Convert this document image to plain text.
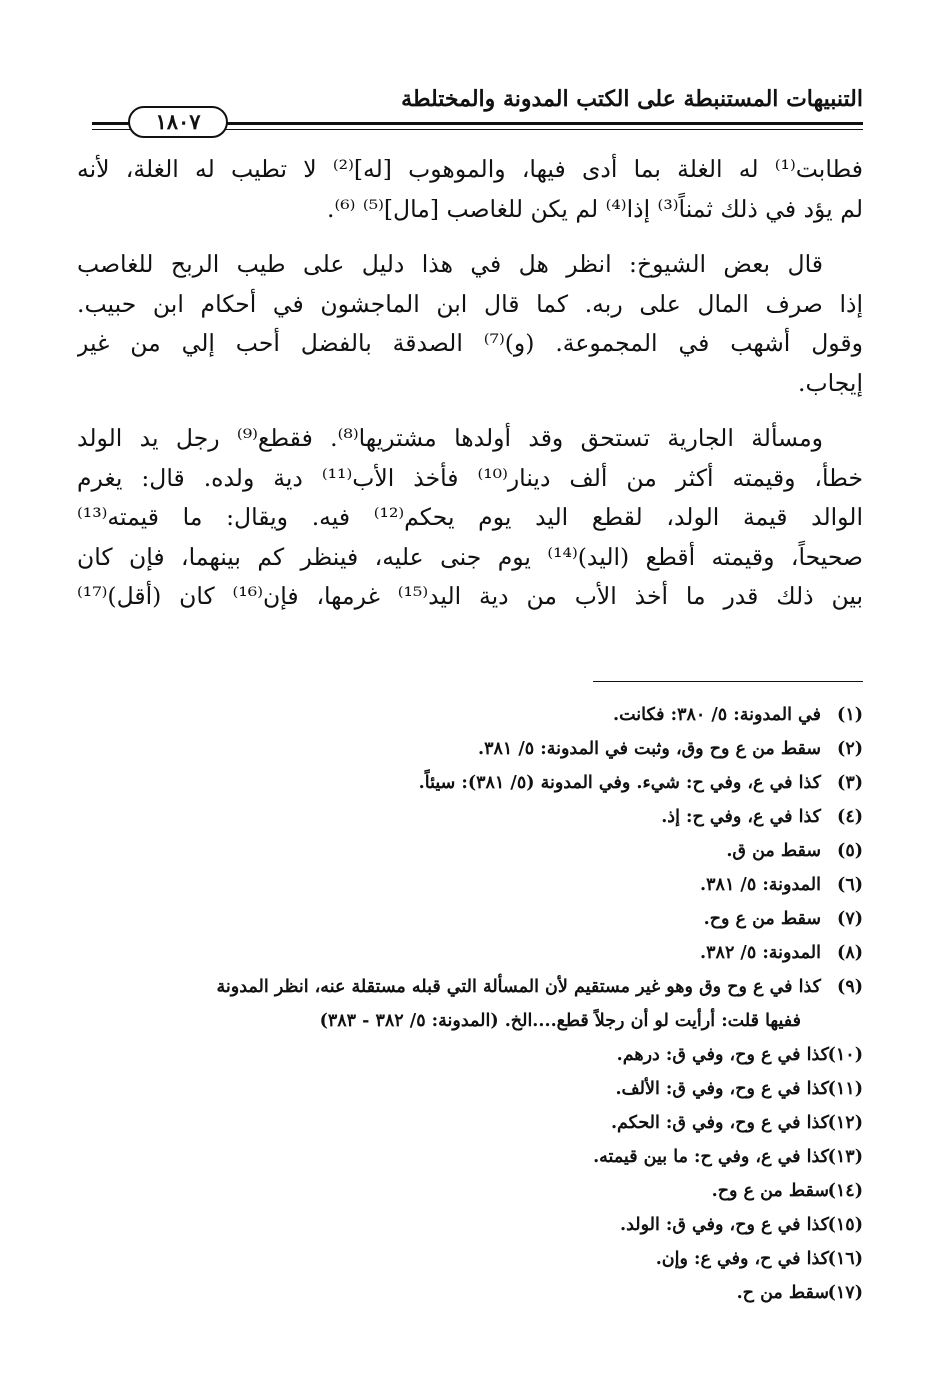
التنبيهات المستنبطة على الكتب المدونة والمختلطة
١٨٠٧
فطابت⁽¹⁾ له الغلة بما أدى فيها، والموهوب [له]⁽²⁾ لا تطيب له الغلة، لأنه
لم يؤد في ذلك ثمناً⁽³⁾ إذا⁽⁴⁾ لم يكن للغاصب [مال]⁽⁵⁾ ⁽⁶⁾.
قال بعض الشيوخ: انظر هل في هذا دليل على طيب الربح للغاصب
إذا صرف المال على ربه. كما قال ابن الماجشون في أحكام ابن حبيب.
وقول أشهب في المجموعة. (و)⁽⁷⁾ الصدقة بالفضل أحب إلي من غير
إيجاب.
ومسألة الجارية تستحق وقد أولدها مشتريها⁽⁸⁾. فقطع⁽⁹⁾ رجل يد الولد
خطأ، وقيمته أكثر من ألف دينار⁽¹⁰⁾ فأخذ الأب⁽¹¹⁾ دية ولده. قال: يغرم
الوالد قيمة الولد، لقطع اليد يوم يحكم⁽¹²⁾ فيه. ويقال: ما قيمته⁽¹³⁾
صحيحاً، وقيمته أقطع (اليد)⁽¹⁴⁾ يوم جنى عليه، فينظر كم بينهما، فإن كان
بين ذلك قدر ما أخذ الأب من دية اليد⁽¹⁵⁾ غرمها، فإن⁽¹⁶⁾ كان (أقل)⁽¹⁷⁾
(١)
في المدونة: ٥/ ٣٨٠: فكانت.
(٢)
سقط من ع وح وق، وثبت في المدونة: ٥/ ٣٨١.
(٣)
كذا في ع، وفي ح: شيء. وفي المدونة (٥/ ٣٨١): سيئاً.
(٤)
كذا في ع، وفي ح: إذ.
(٥)
سقط من ق.
(٦)
المدونة: ٥/ ٣٨١.
(٧)
سقط من ع وح.
(٨)
المدونة: ٥/ ٣٨٢.
(٩)
كذا في ع وح وق وهو غير مستقيم لأن المسألة التي قبله مستقلة عنه، انظر المدونة
ففيها قلت: أرأيت لو أن رجلاً قطع....الخ. (المدونة: ٥/ ٣٨٢ - ٣٨٣)
(١٠)
كذا في ع وح، وفي ق: درهم.
(١١)
كذا في ع وح، وفي ق: الألف.
(١٢)
كذا في ع وح، وفي ق: الحكم.
(١٣)
كذا في ع، وفي ح: ما بين قيمته.
(١٤)
سقط من ع وح.
(١٥)
كذا في ع وح، وفي ق: الولد.
(١٦)
كذا في ح، وفي ع: وإن.
(١٧)
سقط من ح.
